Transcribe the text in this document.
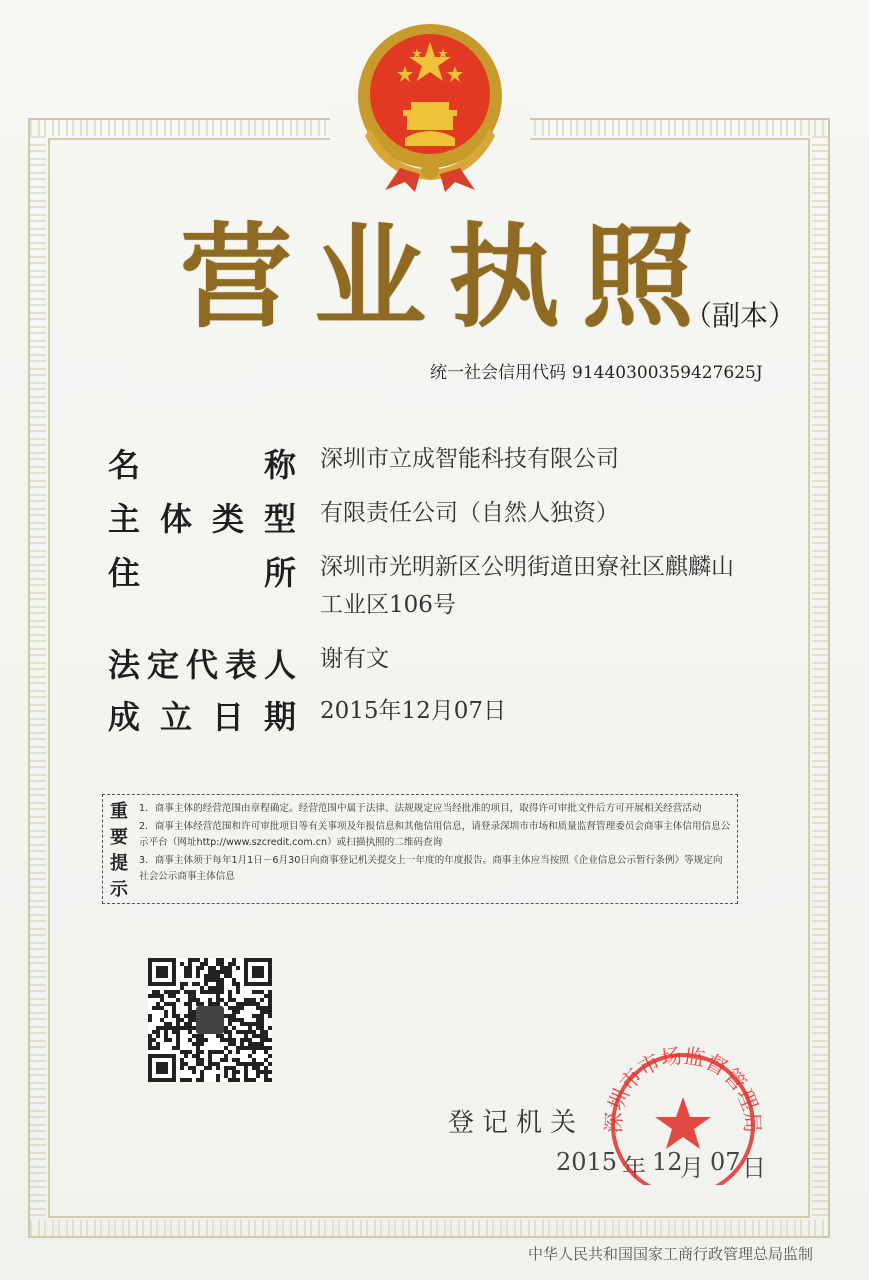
营业执照
（副本）
统一社会信用代码 91440300359427625J
名称 深圳市立成智能科技有限公司
主体类型 有限责任公司（自然人独资）
住所 深圳市光明新区公明街道田寮社区麒麟山工业区106号
法定代表人 谢有文
成立日期 2015年12月07日
重要提示

1．商事主体的经营范围由章程确定。经营范围中属于法律、法规规定应当经批准的项目，取得许可审批文件后方可开展相关经营活动

2．商事主体经营范围和许可审批项目等有关事项及年报信息和其他信用信息，请登录深圳市市场和质量监督管理委员会商事主体信用信息公示平台（网址http://www.szcredit.com.cn）或扫描执照的二维码查询

3．商事主体须于每年1月1日－6月30日向商事登记机关提交上一年度的年度报告。商事主体应当按照《企业信息公示暂行条例》等规定向社会公示商事主体信息

登记机关
2015 年 12
月 07 日
深圳市市场监督管理局
中华人民共和国国家工商行政管理总局监制
